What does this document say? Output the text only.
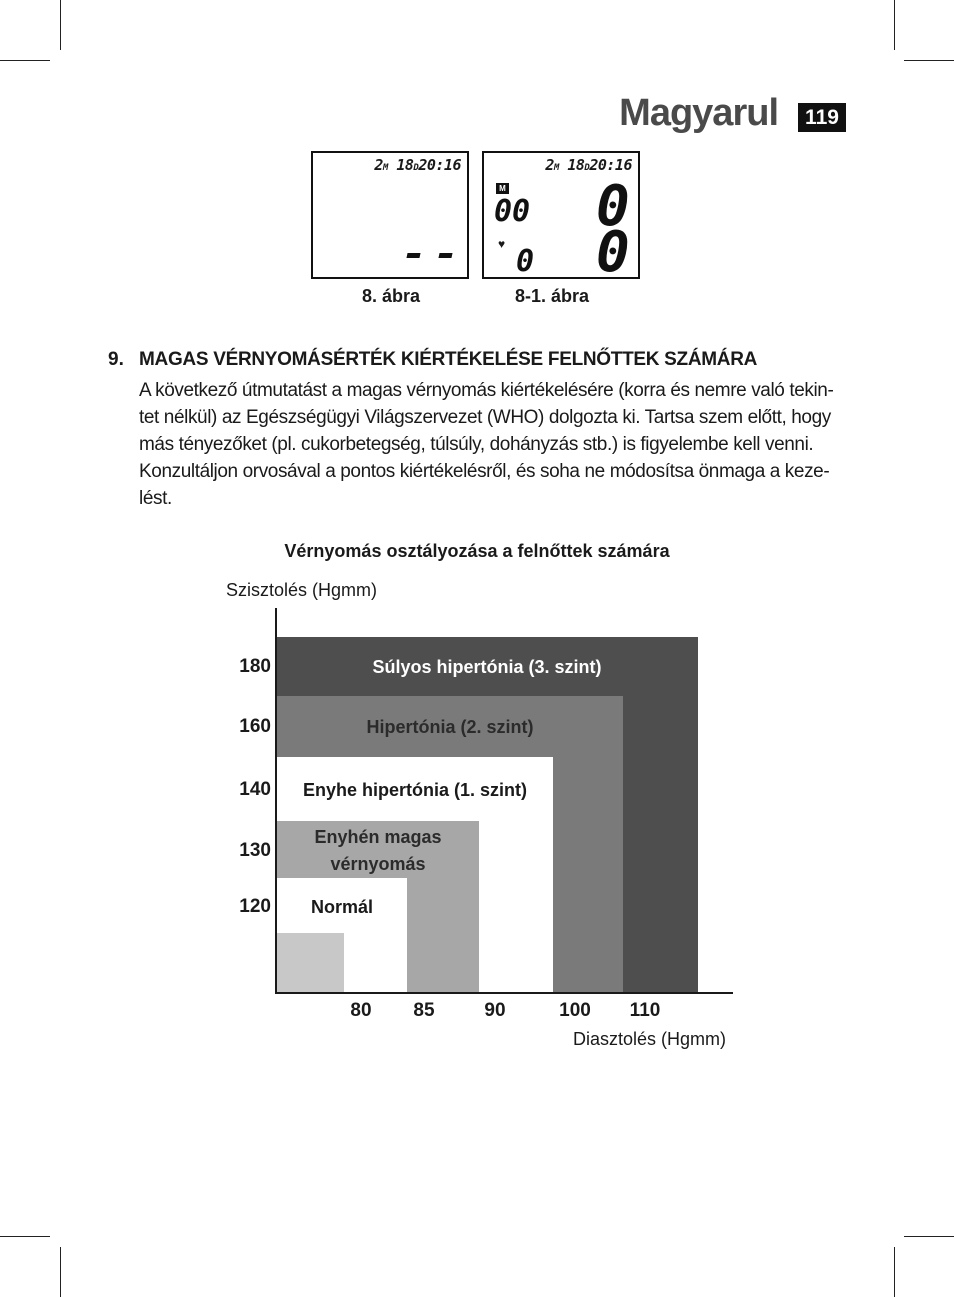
Magyarul	119
2M 18D20:16
8. ábra
2M 18D20:16
M
00 0
♥ 0 0
8-1. ábra
9. MAGAS VÉRNYOMÁSÉRTÉK KIÉRTÉKELÉSE FELNŐTTEK SZÁMÁRA
A következő útmutatást a magas vérnyomás kiértékelésére (korra és nemre való tekin-
tet nélkül) az Egészségügyi Világszervezet (WHO) dolgozta ki. Tartsa szem előtt, hogy
más tényezőket (pl. cukorbetegség, túlsúly, dohányzás stb.) is figyelembe kell venni.
Konzultáljon orvosával a pontos kiértékelésről, és soha ne módosítsa önmaga a keze-
lést.
Vérnyomás osztályozása a felnőttek számára
Szisztolés (Hgmm)
Diasztolés (Hgmm)
Súlyos hipertónia (3. szint)
Hipertónia (2. szint)
Enyhe hipertónia (1. szint)
Enyhén magas
vérnyomás
Normál
120
130
140
160
180
80 85	90	100 110
